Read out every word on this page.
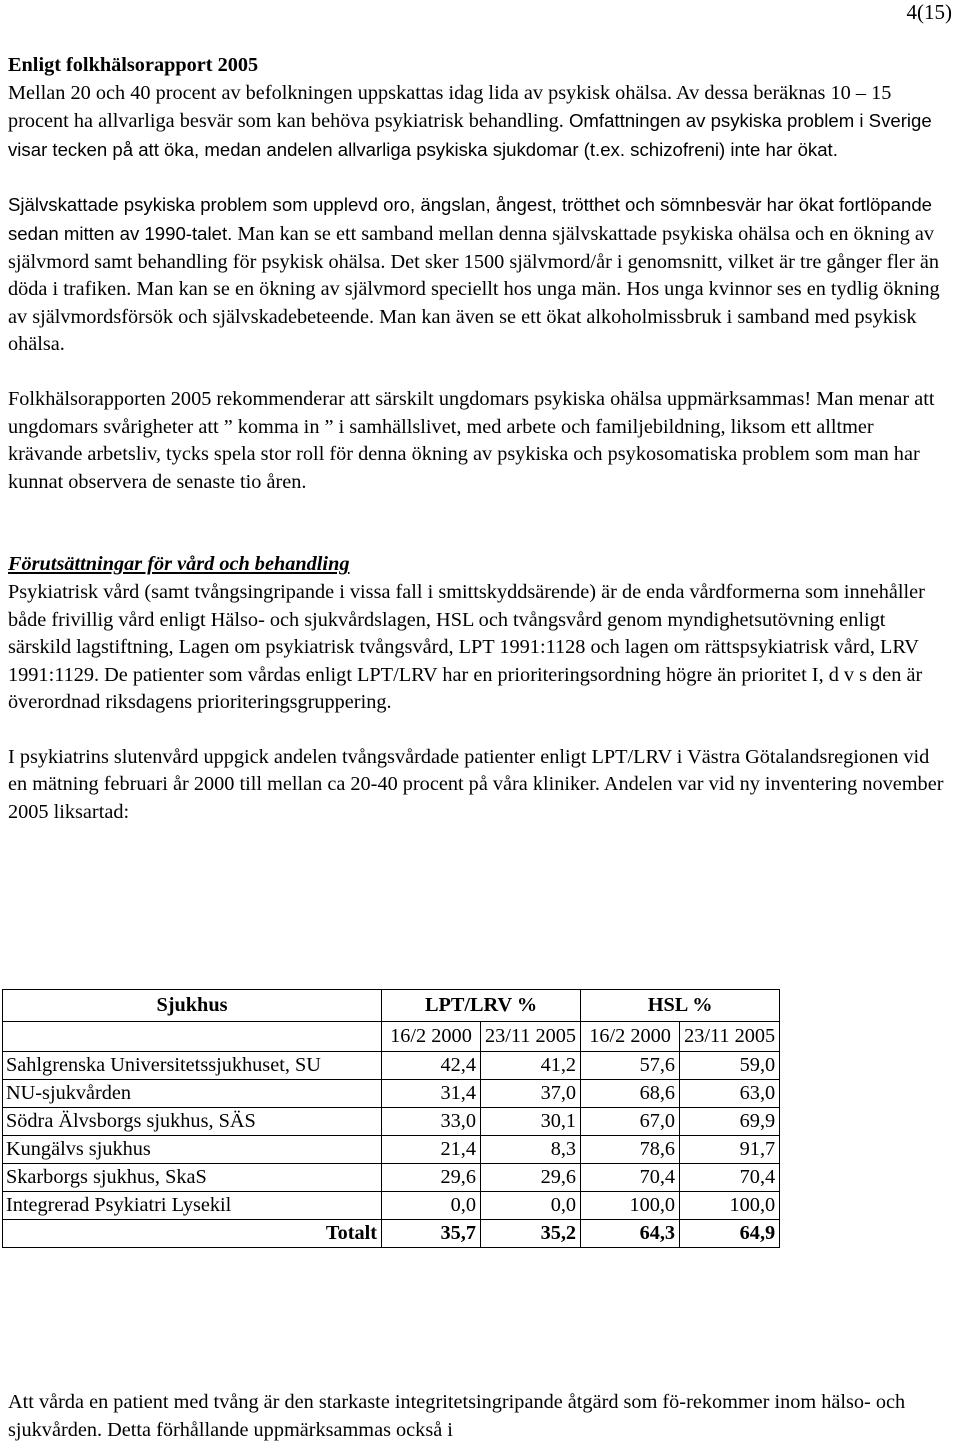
4(15)
Enligt folkhälsorapport 2005
Mellan 20 och 40 procent av befolkningen uppskattas idag lida av psykisk ohälsa. Av dessa beräknas 10 – 15 procent ha allvarliga besvär som kan behöva psykiatrisk behandling. Omfattningen av psykiska problem i Sverige visar tecken på att öka, medan andelen allvarliga psykiska sjukdomar (t.ex. schizofreni) inte har ökat.
Självskattade psykiska problem som upplevd oro, ängslan, ångest, trötthet och sömnbesvär har ökat fortlöpande sedan mitten av 1990-talet. Man kan se ett samband mellan denna självskattade psykiska ohälsa och en ökning av självmord samt behandling för psykisk ohälsa. Det sker 1500 självmord/år i genomsnitt, vilket är tre gånger fler än döda i trafiken. Man kan se en ökning av självmord speciellt hos unga män. Hos unga kvinnor ses en tydlig ökning av självmordsförsök och självskadebeteende. Man kan även se ett ökat alkoholmissbruk i samband med psykisk ohälsa.
Folkhälsorapporten 2005 rekommenderar att särskilt ungdomars psykiska ohälsa uppmärksammas! Man menar att ungdomars svårigheter att ” komma in ” i samhällslivet, med arbete och familjebildning, liksom ett alltmer krävande arbetsliv, tycks spela stor roll för denna ökning av psykiska och psykosomatiska problem som man har kunnat observera de senaste tio åren.
Förutsättningar för vård och behandling
Psykiatrisk vård (samt tvångsingripande i vissa fall i smittskyddsärende) är de enda vårdformerna som innehåller både frivillig vård enligt Hälso- och sjukvårdslagen, HSL och tvångsvård genom myndighetsutövning enligt särskild lagstiftning, Lagen om psykiatrisk tvångsvård, LPT 1991:1128 och lagen om rättspsykiatrisk vård, LRV 1991:1129. De patienter som vårdas enligt LPT/LRV har en prioriteringsordning högre än prioritet I, d v s den är överordnad riksdagens prioriteringsgruppering.
I psykiatrins slutenvård uppgick andelen tvångsvårdade patienter enligt LPT/LRV i Västra Götalandsregionen vid en mätning februari år 2000 till mellan ca 20-40 procent på våra kliniker. Andelen var vid ny inventering november 2005 liksartad:
Sjukhus	LPT/LRV %		HSL %	
	16/2 2000	23/11 2005	16/2 2000	23/11 2005
Sahlgrenska Universitetssjukhuset, SU	42,4	41,2	57,6	59,0
NU-sjukvården	31,4	37,0	68,6	63,0
Södra Älvsborgs sjukhus, SÄS	33,0	30,1	67,0	69,9
Kungälvs sjukhus	21,4	8,3	78,6	91,7
Skarborgs sjukhus, SkaS	29,6	29,6	70,4	70,4
Integrerad Psykiatri Lysekil	0,0	0,0	100,0	100,0
Totalt	35,7	35,2	64,3	64,9
Att vårda en patient med tvång är den starkaste integritetsingripande åtgärd som fö-rekommer inom hälso- och sjukvården. Detta förhållande uppmärksammas också i
